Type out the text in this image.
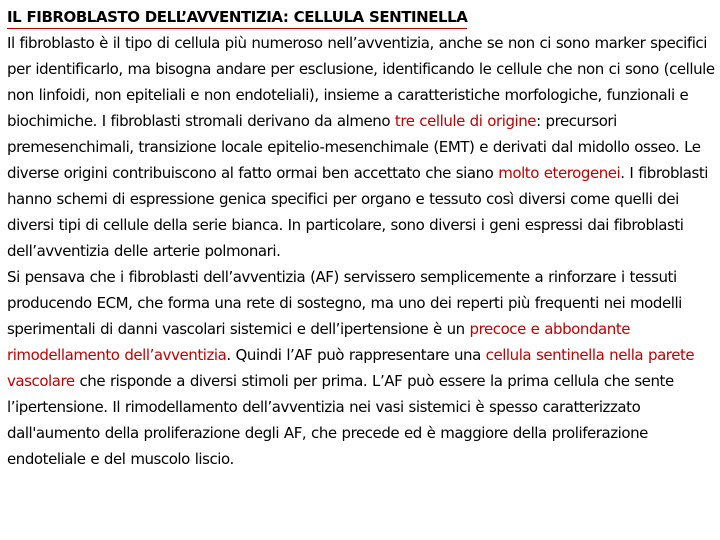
IL FIBROBLASTO DELL’AVVENTIZIA: CELLULA SENTINELLA

Il fibroblasto è il tipo di cellula più numeroso nell’avventizia, anche se non ci sono marker specifici per identificarlo, ma bisogna andare per esclusione, identificando le cellule che non ci sono (cellule non linfoidi, non epiteliali e non endoteliali), insieme a caratteristiche morfologiche, funzionali e biochimiche. I fibroblasti stromali derivano da almeno tre cellule di origine: precursori premesenchimali, transizione locale epitelio-mesenchimale (EMT) e derivati dal midollo osseo. Le diverse origini contribuiscono al fatto ormai ben accettato che siano molto eterogenei. I fibroblasti hanno schemi di espressione genica specifici per organo e tessuto così diversi come quelli dei diversi tipi di cellule della serie bianca. In particolare, sono diversi i geni espressi dai fibroblasti dell’avventizia delle arterie polmonari.

Si pensava che i fibroblasti dell’avventizia (AF) servissero semplicemente a rinforzare i tessuti producendo ECM, che forma una rete di sostegno, ma uno dei reperti più frequenti nei modelli sperimentali di danni vascolari sistemici e dell’ipertensione è un precoce e abbondante rimodellamento dell’avventizia. Quindi l’AF può rappresentare una cellula sentinella nella parete vascolare che risponde a diversi stimoli per prima. L’AF può essere la prima cellula che sente l’ipertensione. Il rimodellamento dell’avventizia nei vasi sistemici è spesso caratterizzato dall'aumento della proliferazione degli AF, che precede ed è maggiore della proliferazione endoteliale e del muscolo liscio.
